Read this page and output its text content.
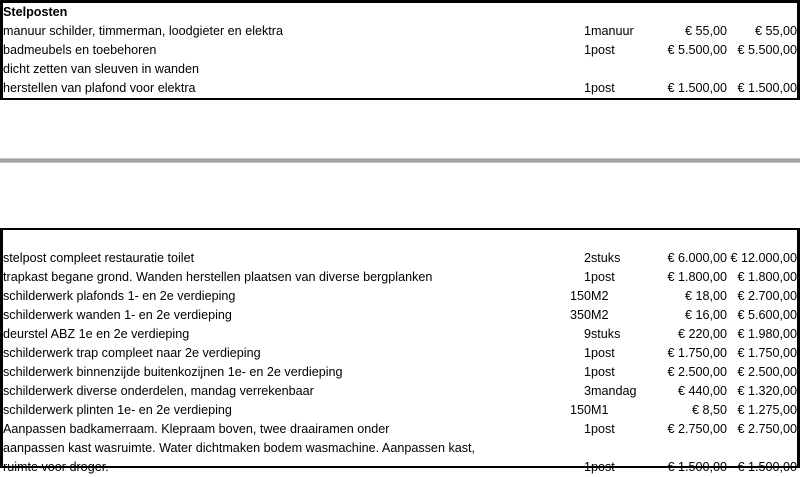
Stelposten				
manuur schilder, timmerman, loodgieter en elektra	1	manuur	€ 55,00	€ 55,00
badmeubels en toebehoren	1	post	€ 5.500,00	€ 5.500,00
dicht zetten van sleuven in wanden				
herstellen van plafond voor elektra	1	post	€ 1.500,00	€ 1.500,00

stelpost compleet restauratie toilet	2	stuks	€ 6.000,00	€ 12.000,00
trapkast begane grond. Wanden herstellen plaatsen van diverse bergplanken	1	post	€ 1.800,00	€ 1.800,00
schilderwerk plafonds 1- en 2e verdieping	150	M2	€ 18,00	€ 2.700,00
schilderwerk wanden 1- en 2e verdieping	350	M2	€ 16,00	€ 5.600,00
deurstel ABZ 1e en 2e verdieping	9	stuks	€ 220,00	€ 1.980,00
schilderwerk trap compleet naar 2e verdieping	1	post	€ 1.750,00	€ 1.750,00
schilderwerk binnenzijde buitenkozijnen 1e- en 2e verdieping	1	post	€ 2.500,00	€ 2.500,00
schilderwerk diverse onderdelen, mandag verrekenbaar	3	mandag	€ 440,00	€ 1.320,00
schilderwerk plinten 1e- en 2e verdieping	150	M1	€ 8,50	€ 1.275,00
Aanpassen badkamerraam. Klepraam boven, twee draairamen onder	1	post	€ 2.750,00	€ 2.750,00
aanpassen kast wasruimte. Water dichtmaken bodem wasmachine. Aanpassen kast,				
ruimte voor droger.	1	post	€ 1.500,00	€ 1.500,00
